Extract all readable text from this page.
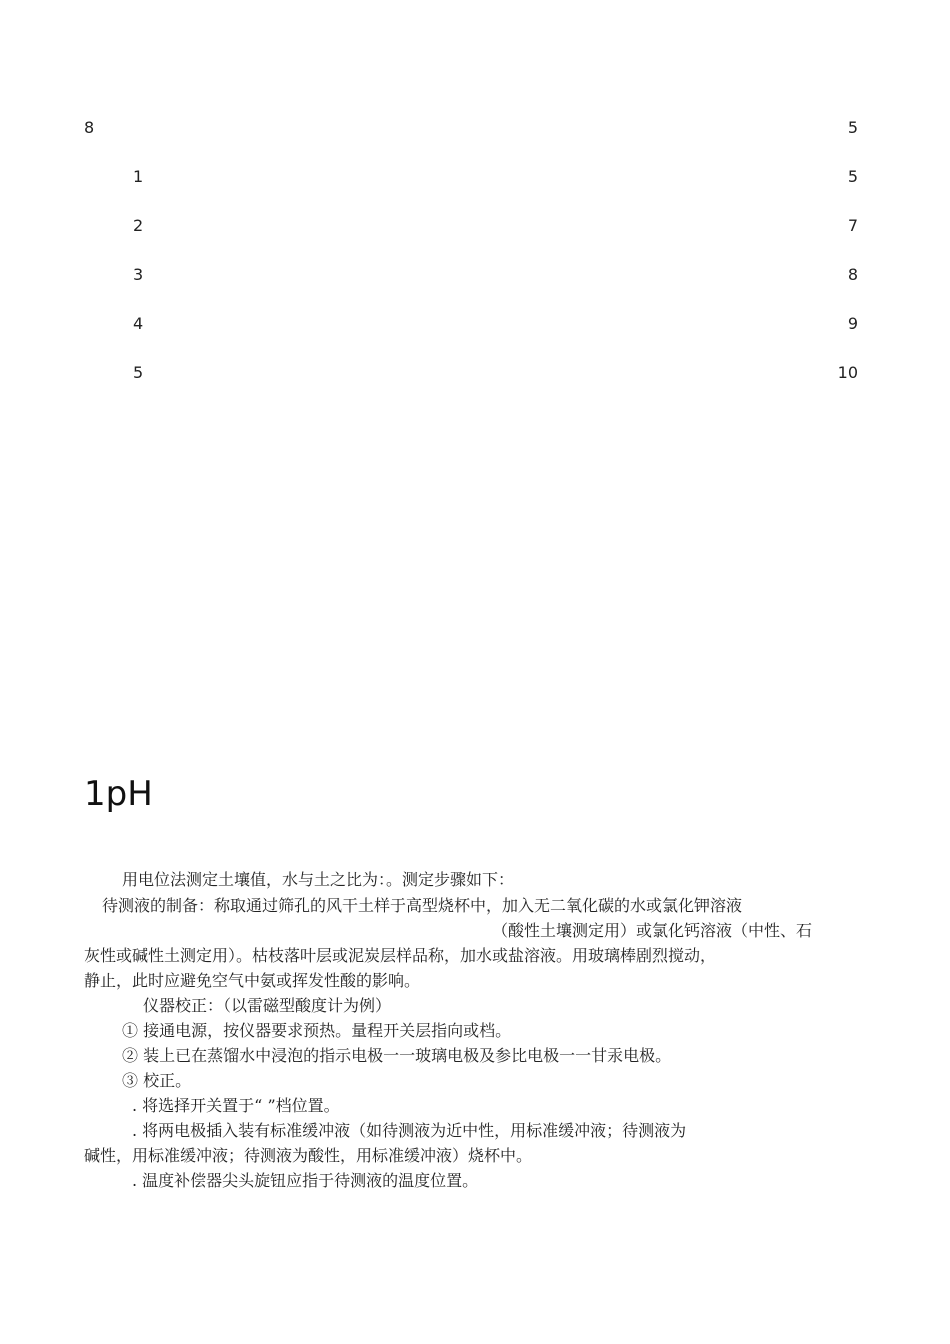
8	5
1	5
2	7
3	8
4	9
5	10
1pH
用电位法测定土壤值，水与土之比为：。测定步骤如下：
待测液的制备：称取通过筛孔的风干土样于高型烧杯中，加入无二氧化碳的水或氯化钾溶液
（酸性土壤测定用）或氯化钙溶液（中性、石
灰性或碱性土测定用）。枯枝落叶层或泥炭层样品称，加水或盐溶液。用玻璃棒剧烈搅动，
静止，此时应避免空气中氨或挥发性酸的影响。
仪器校正：（以雷磁型酸度计为例）
① 接通电源，按仪器要求预热。量程开关层指向或档。
② 装上已在蒸馏水中浸泡的指示电极一一玻璃电极及参比电极一一甘汞电极。
③ 校正。
. 将选择开关置于“ ”档位置。
. 将两电极插入装有标准缓冲液（如待测液为近中性，用标准缓冲液；待测液为
碱性，用标准缓冲液；待测液为酸性，用标准缓冲液）烧杯中。
. 温度补偿器尖头旋钮应指于待测液的温度位置。
